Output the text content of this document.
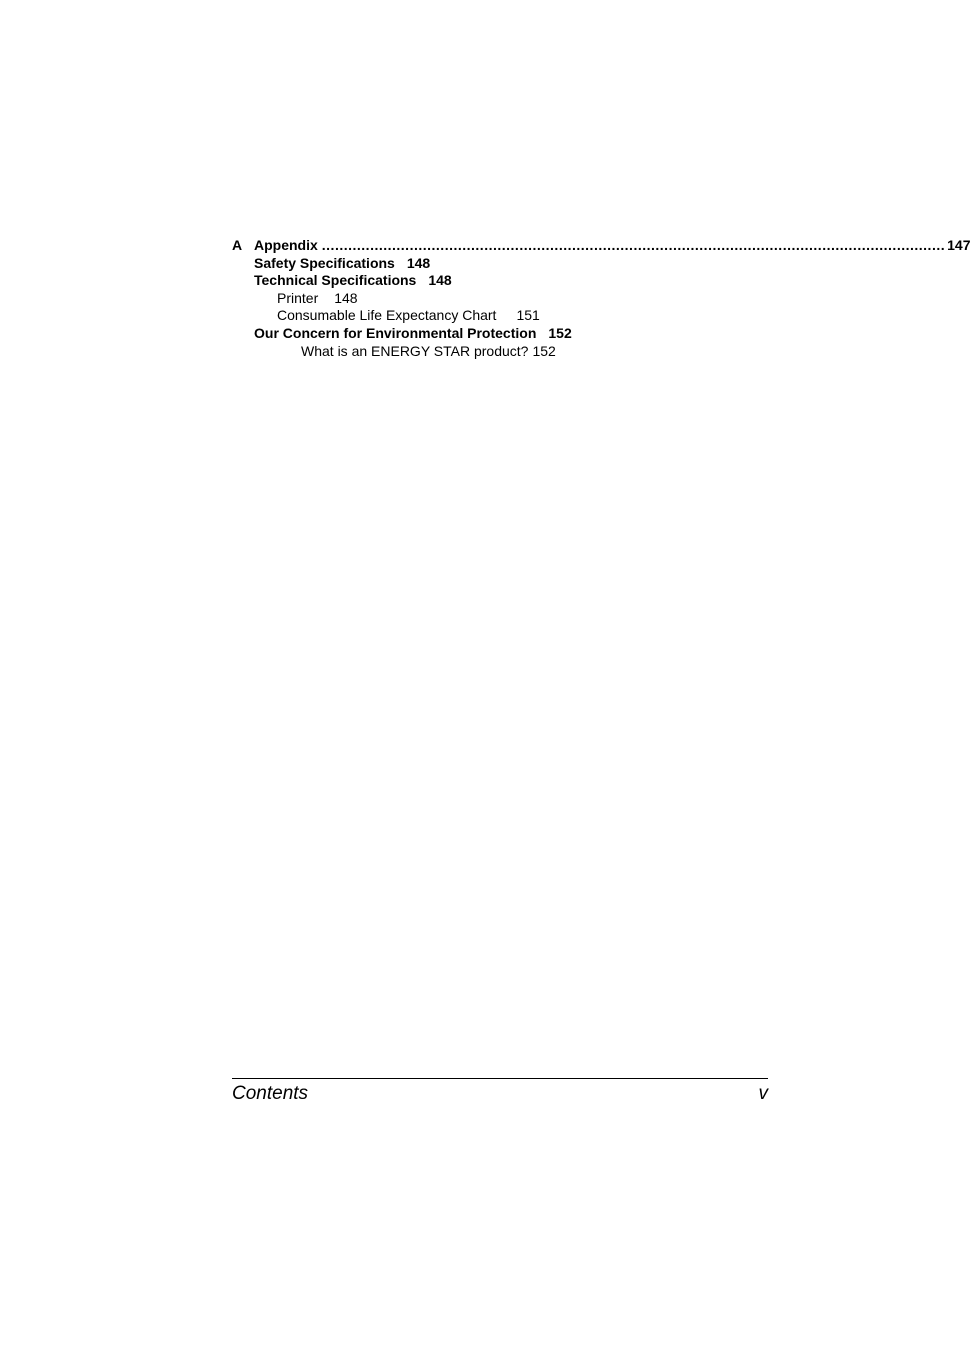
A Appendix .............................................................................................................................................. 147
Safety Specifications 148
Technical Specifications 148
Printer 148
Consumable Life Expectancy Chart 151
Our Concern for Environmental Protection 152
What is an ENERGY STAR product? 152
Contents	v
